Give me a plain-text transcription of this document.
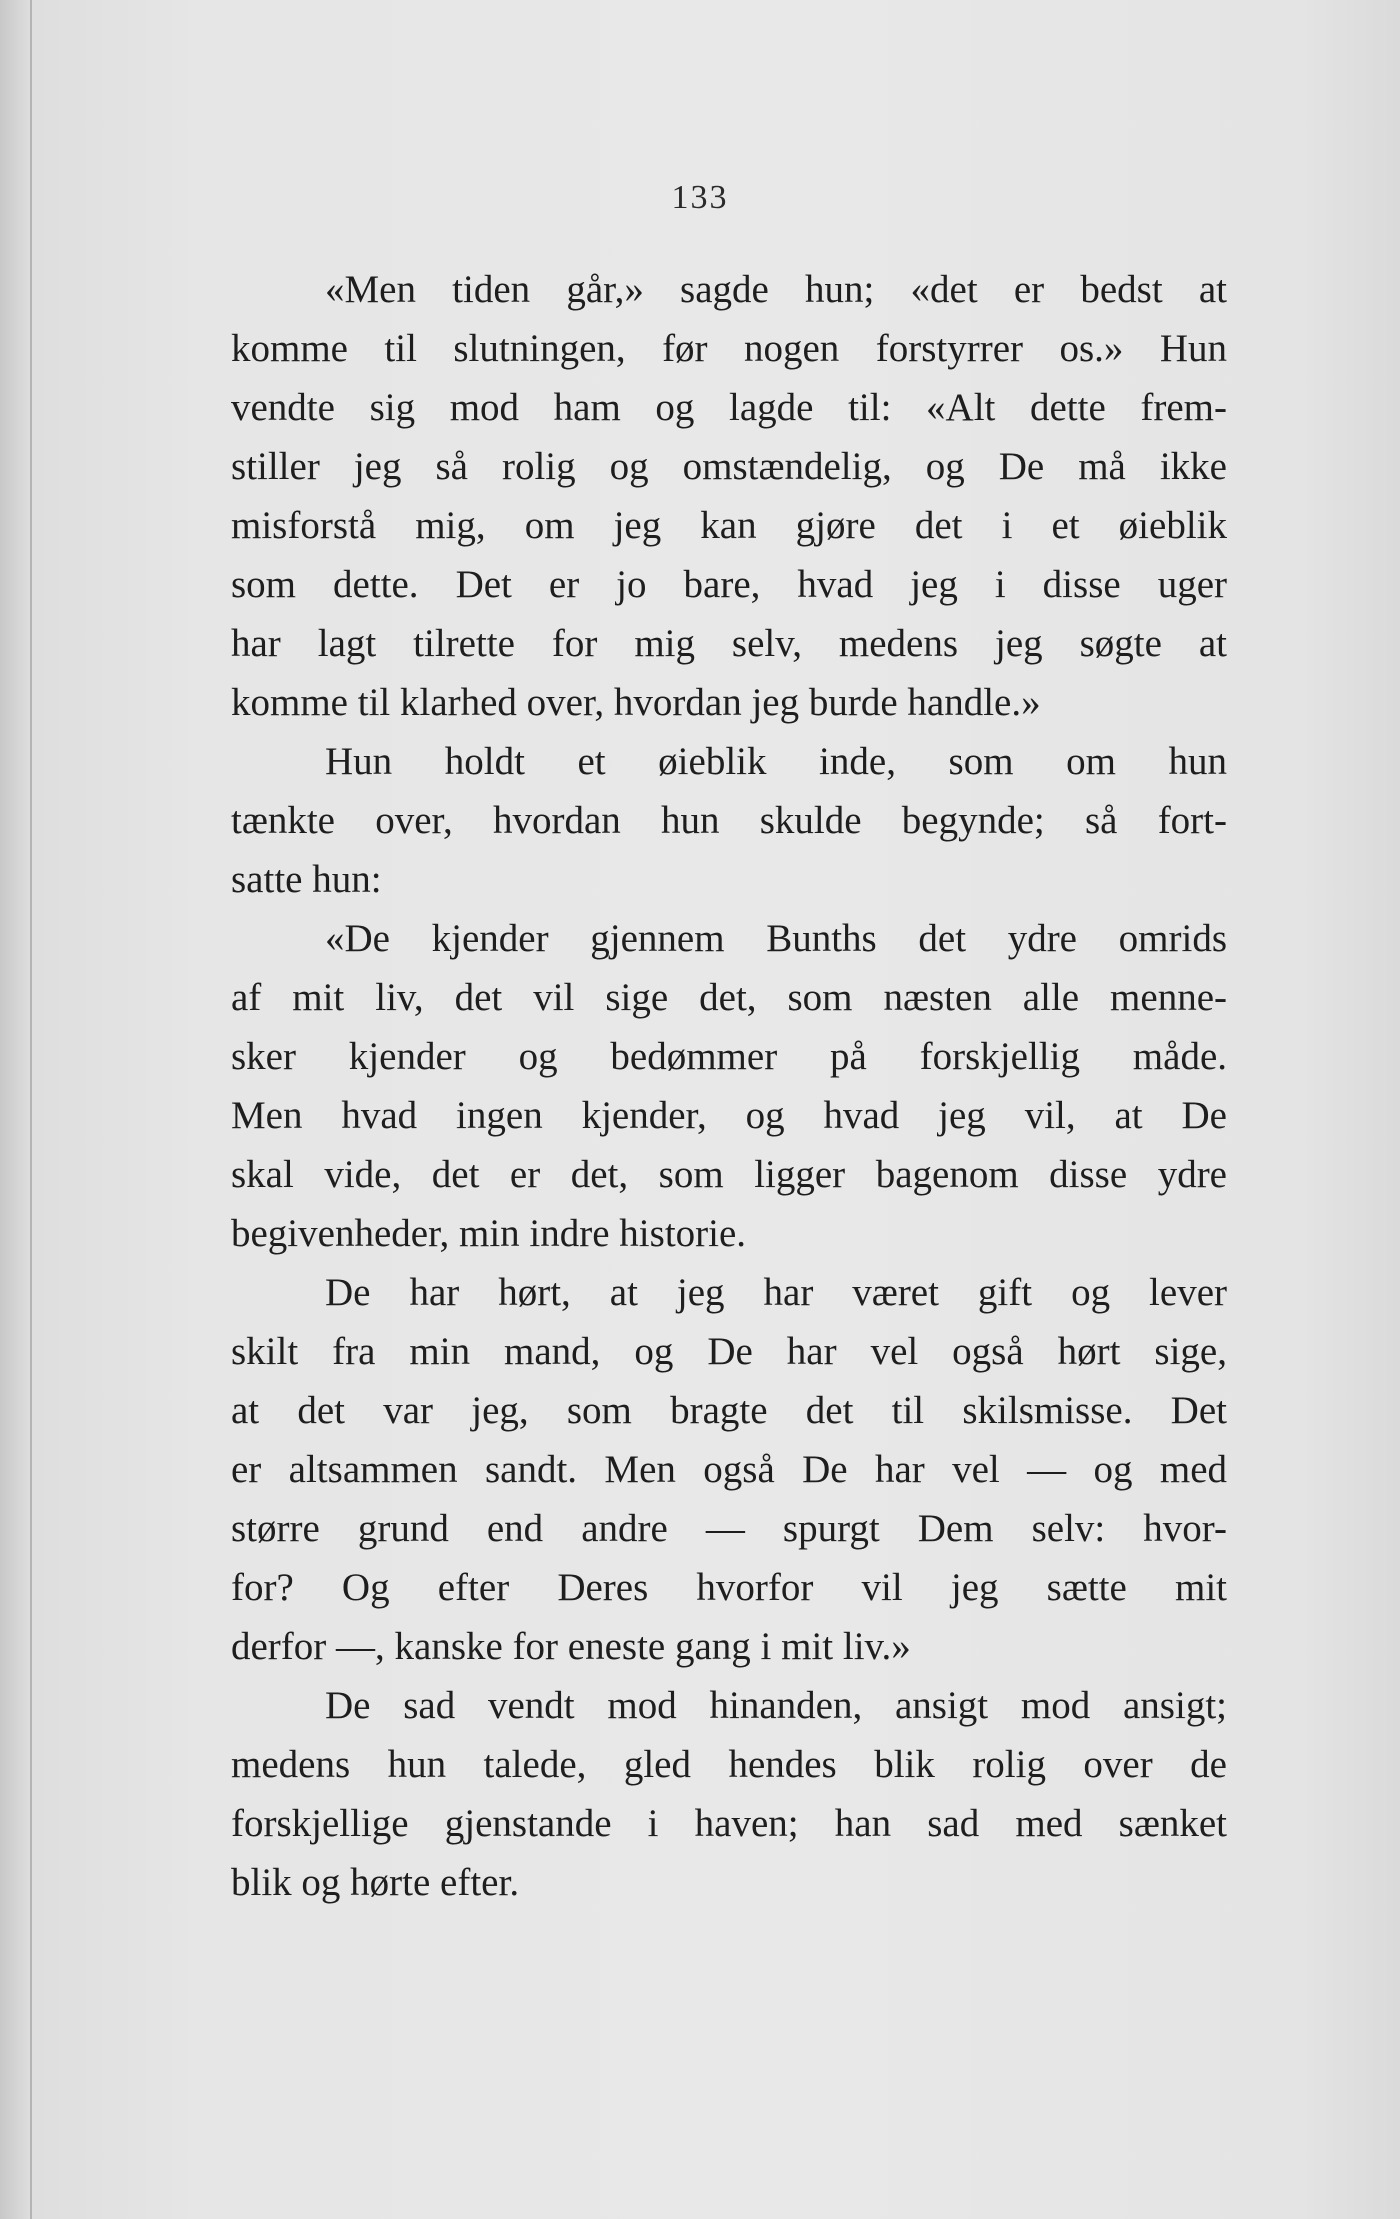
133
«Men tiden går,» sagde hun; «det er bedst at
komme til slutningen, før nogen forstyrrer os.» Hun
vendte sig mod ham og lagde til: «Alt dette frem-
stiller jeg så rolig og omstændelig, og De må ikke
misforstå mig, om jeg kan gjøre det i et øieblik
som dette. Det er jo bare, hvad jeg i disse uger
har lagt tilrette for mig selv, medens jeg søgte at
komme til klarhed over, hvordan jeg burde handle.»
Hun holdt et øieblik inde, som om hun
tænkte over, hvordan hun skulde begynde; så fort-
satte hun:
«De kjender gjennem Bunths det ydre omrids
af mit liv, det vil sige det, som næsten alle menne-
sker kjender og bedømmer på forskjellig måde.
Men hvad ingen kjender, og hvad jeg vil, at De
skal vide, det er det, som ligger bagenom disse ydre
begivenheder, min indre historie.
De har hørt, at jeg har været gift og lever
skilt fra min mand, og De har vel også hørt sige,
at det var jeg, som bragte det til skilsmisse. Det
er altsammen sandt. Men også De har vel — og med
større grund end andre — spurgt Dem selv: hvor-
for? Og efter Deres hvorfor vil jeg sætte mit
derfor —, kanske for eneste gang i mit liv.»
De sad vendt mod hinanden, ansigt mod ansigt;
medens hun talede, gled hendes blik rolig over de
forskjellige gjenstande i haven; han sad med sænket
blik og hørte efter.
